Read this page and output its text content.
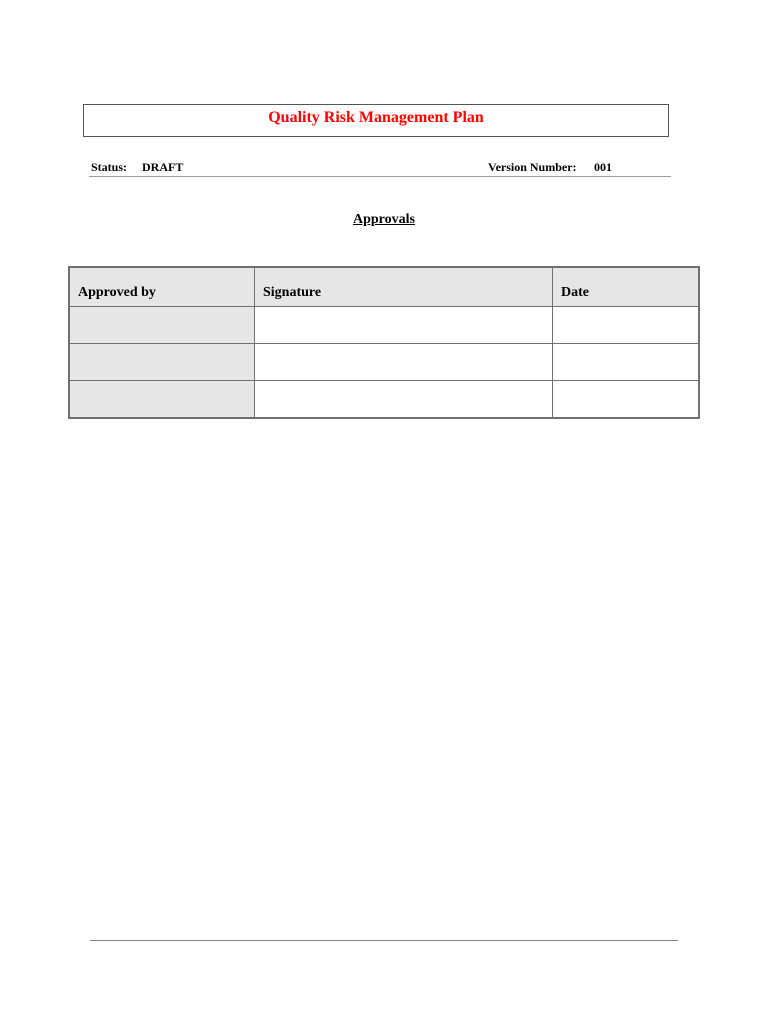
Quality Risk Management Plan
Status: DRAFT	Version Number: 001
Approvals
Approved by	Signature	Date
